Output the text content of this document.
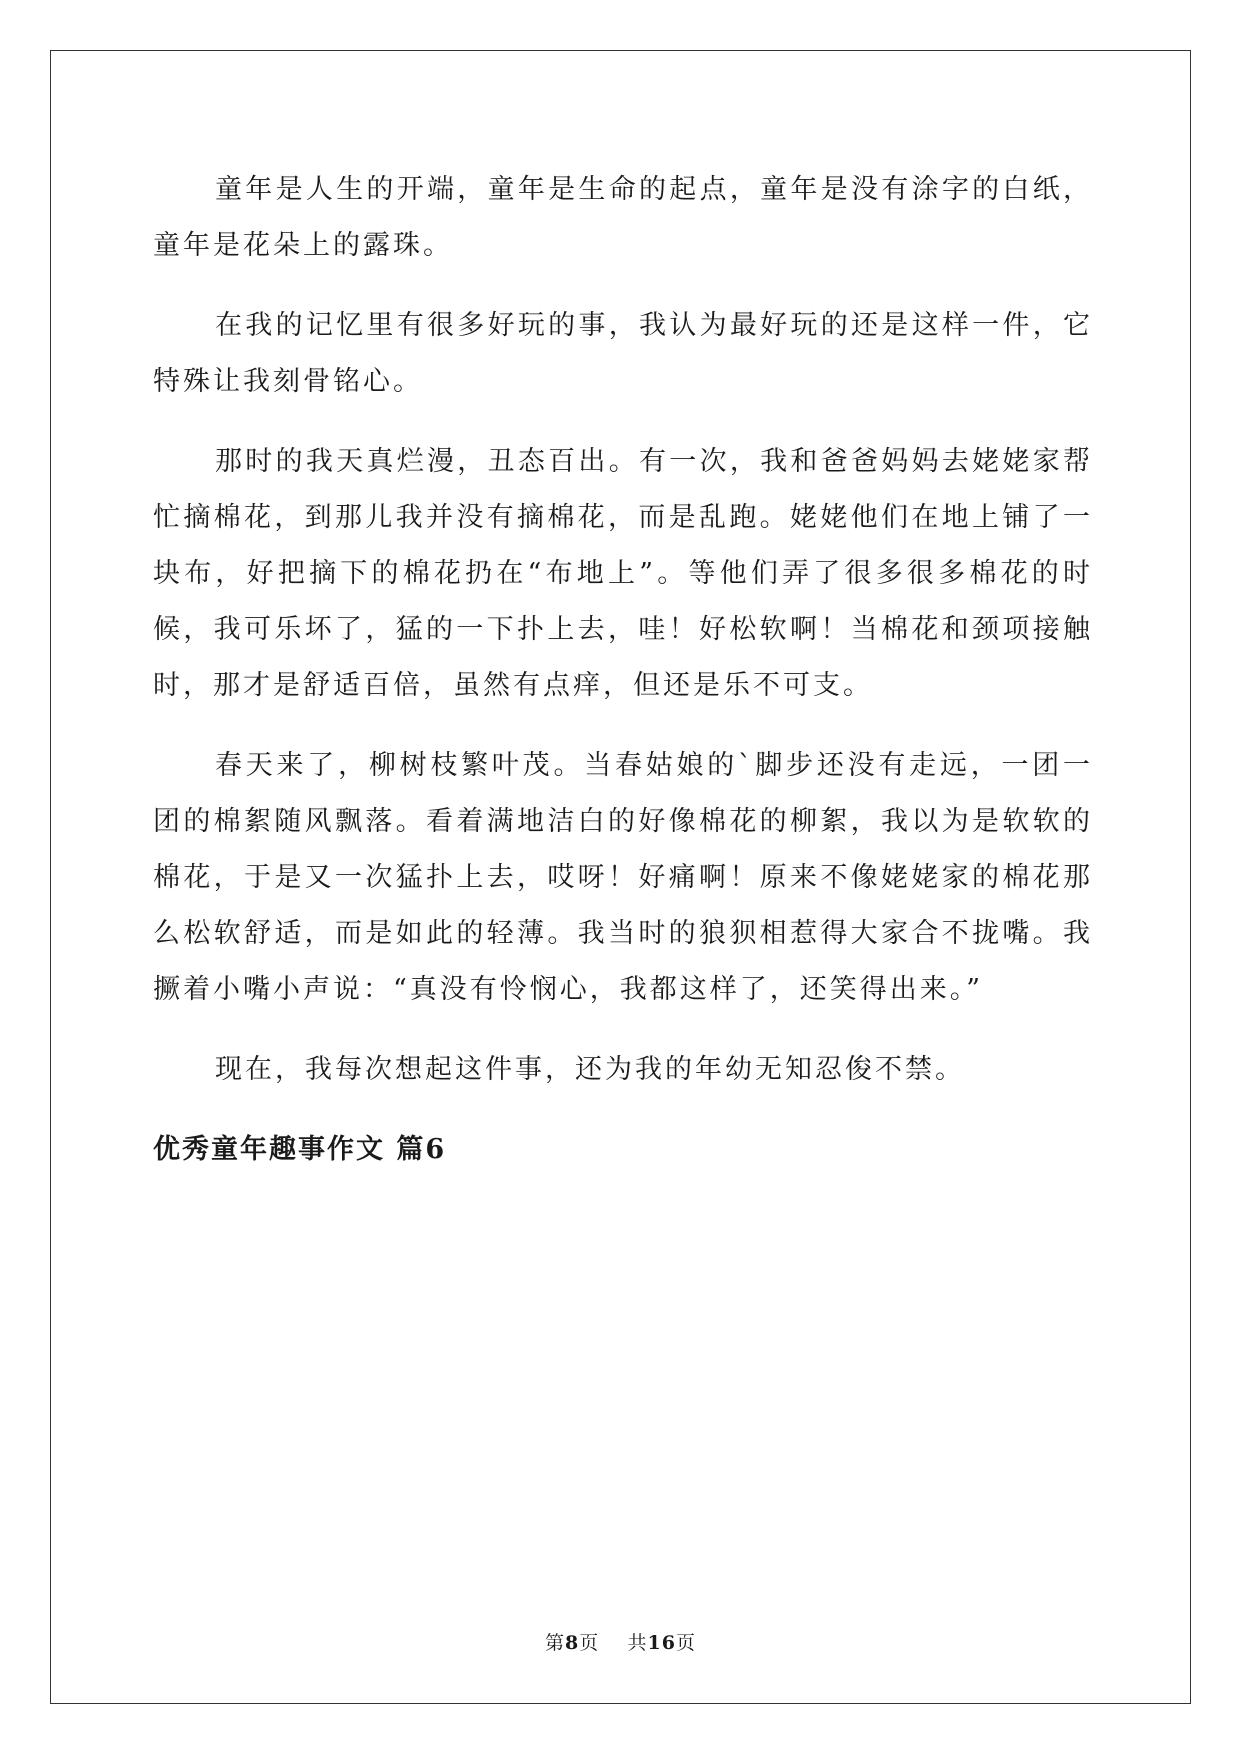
童年是人生的开端，童年是生命的起点，童年是没有涂字的白纸，童年是花朵上的露珠。

在我的记忆里有很多好玩的事，我认为最好玩的还是这样一件，它特殊让我刻骨铭心。

那时的我天真烂漫，丑态百出。有一次，我和爸爸妈妈去姥姥家帮忙摘棉花，到那儿我并没有摘棉花，而是乱跑。姥姥他们在地上铺了一块布，好把摘下的棉花扔在“布地上”。等他们弄了很多很多棉花的时候，我可乐坏了，猛的一下扑上去，哇！好松软啊！当棉花和颈项接触时，那才是舒适百倍，虽然有点痒，但还是乐不可支。

春天来了，柳树枝繁叶茂。当春姑娘的`脚步还没有走远，一团一团的棉絮随风飘落。看着满地洁白的好像棉花的柳絮，我以为是软软的棉花，于是又一次猛扑上去，哎呀！好痛啊！原来不像姥姥家的棉花那么松软舒适，而是如此的轻薄。我当时的狼狈相惹得大家合不拢嘴。我撅着小嘴小声说：“真没有怜悯心，我都这样了，还笑得出来。”

现在，我每次想起这件事，还为我的年幼无知忍俊不禁。

优秀童年趣事作文 篇6
第8页 共16页
